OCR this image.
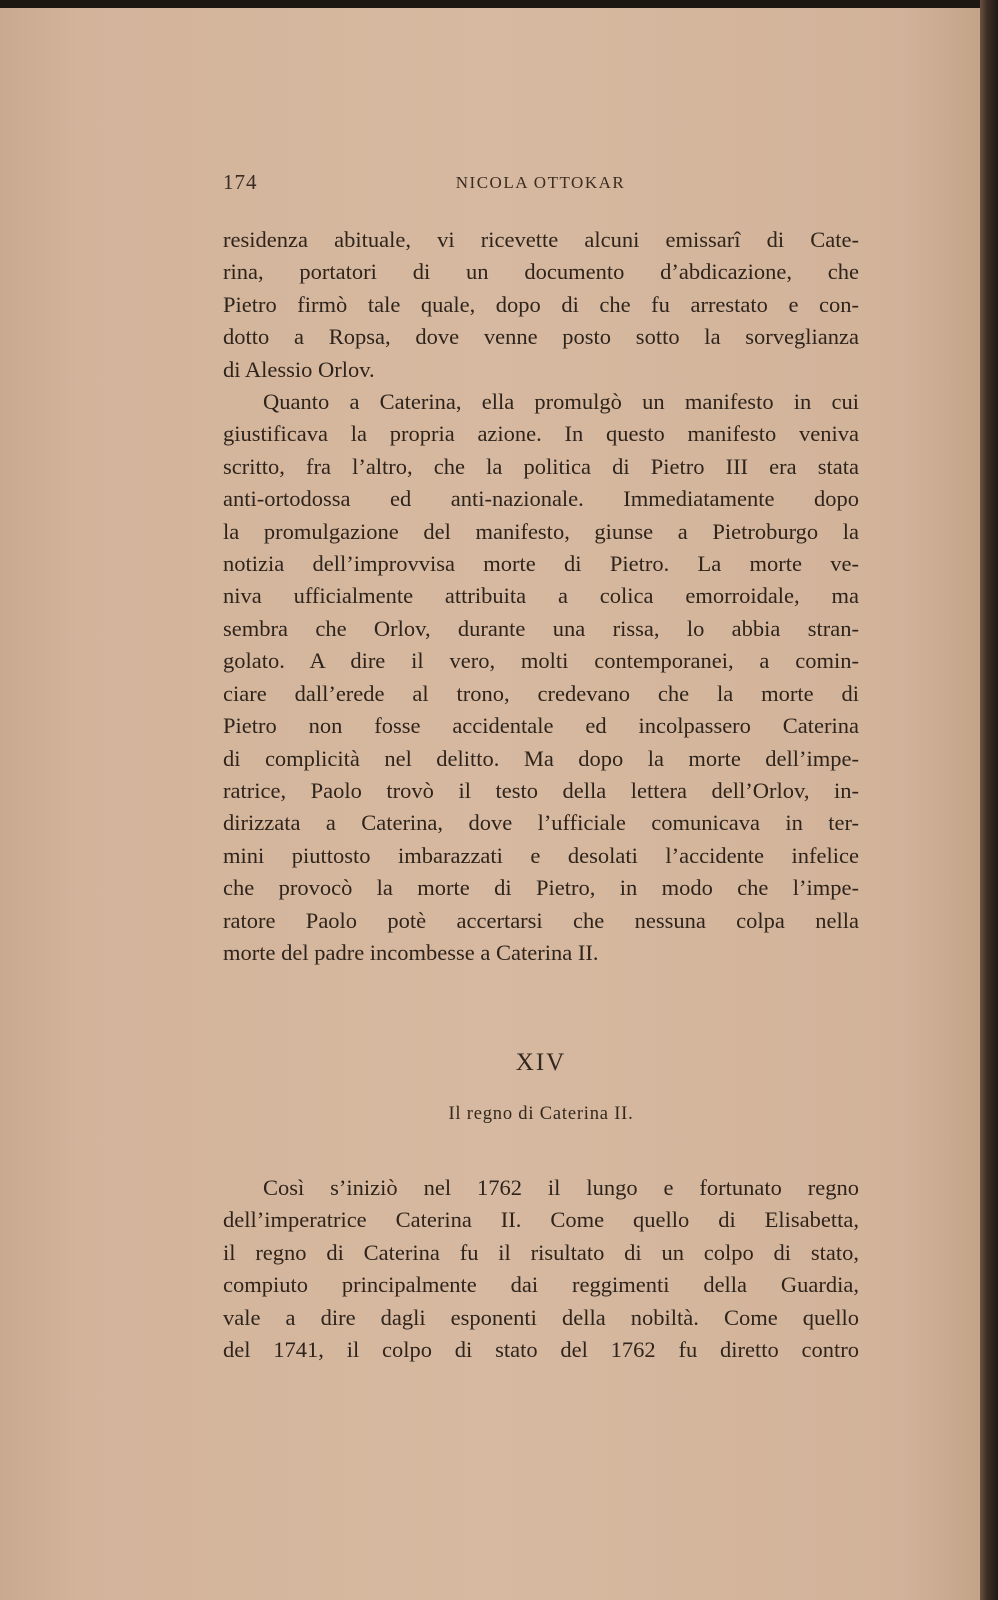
174	NICOLA OTTOKAR
residenza abituale, vi ricevette alcuni emissarî di Cate-
rina, portatori di un documento d’abdicazione, che
Pietro firmò tale quale, dopo di che fu arrestato e con-
dotto a Ropsa, dove venne posto sotto la sorveglianza
di Alessio Orlov.
Quanto a Caterina, ella promulgò un manifesto in cui
giustificava la propria azione. In questo manifesto veniva
scritto, fra l’altro, che la politica di Pietro III era stata
anti-ortodossa ed anti-nazionale. Immediatamente dopo
la promulgazione del manifesto, giunse a Pietroburgo la
notizia dell’improvvisa morte di Pietro. La morte ve-
niva ufficialmente attribuita a colica emorroidale, ma
sembra che Orlov, durante una rissa, lo abbia stran-
golato. A dire il vero, molti contemporanei, a comin-
ciare dall’erede al trono, credevano che la morte di
Pietro non fosse accidentale ed incolpassero Caterina
di complicità nel delitto. Ma dopo la morte dell’impe-
ratrice, Paolo trovò il testo della lettera dell’Orlov, in-
dirizzata a Caterina, dove l’ufficiale comunicava in ter-
mini piuttosto imbarazzati e desolati l’accidente infelice
che provocò la morte di Pietro, in modo che l’impe-
ratore Paolo potè accertarsi che nessuna colpa nella
morte del padre incombesse a Caterina II.
XIV
Il regno di Caterina II.
Così s’iniziò nel 1762 il lungo e fortunato regno
dell’imperatrice Caterina II. Come quello di Elisabetta,
il regno di Caterina fu il risultato di un colpo di stato,
compiuto principalmente dai reggimenti della Guardia,
vale a dire dagli esponenti della nobiltà. Come quello
del 1741, il colpo di stato del 1762 fu diretto contro
